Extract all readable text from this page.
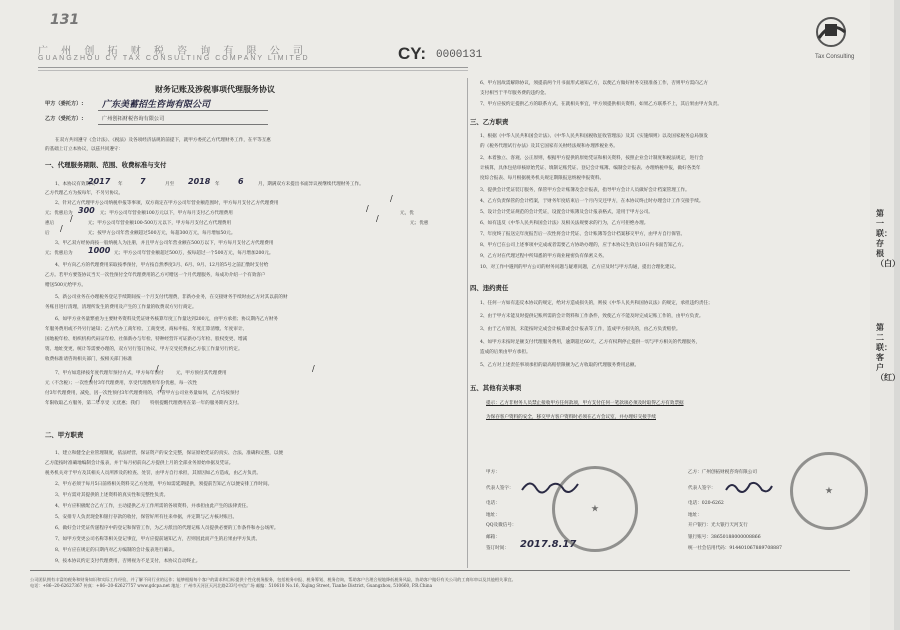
131
广 州 创 拓 财 税 咨 询 有 限 公 司
GUANGZHOU CY TAX CONSULTING COMPANY LIMITED	CY: 0000131	Tax Consulting
财务记账及涉税事项代理服务协议
甲方（委托方）: 广东美蓄招生咨询有限公司
乙方（受托方）:	广州创拓财税咨询有限公司
在双方共同遵守《会计法》、《税法》及各项经济法规的前提下，就甲方委托乙方代理财务工作，在平等互惠
的基础上订立本协议，以兹共同遵守：
一、代理服务期限、范围、收费标准与支付
1、本协议有效期从
2017 年 7	月至 2018 年 6	月，期满双方未提出书面异议视继续代理财务工作。
乙方代理乙方为按每年，不另另协议。
2、针对乙方代理甲方公司纳税申报等事项，双方商定在甲方公司年营业额范围时，甲方每月支付乙方代理费用
/
元；优惠后为 300 元；甲方公司年营业额100万元以下，甲方每月支付乙方代理费用
/
元，优
惠后
/
元；甲方公司年营业额100-500万元以下，甲方每月支付乙方代理费用
/
元；优惠
后
/
元；按甲方公司年营业额超过500万元，每超300万元，每月增加50元。
3、甲乙双方经协商按一般纳税人为注册，并且甲方公司年营业额在500万以下，甲方每月支付乙方代理费用
元；优惠后为 1000 元；甲方公司年营业额超过500万，按每超过一个500万元，每月增加200元。
4、甲方向乙方的代理费用采取按季预付，甲方按自然季度3月、6月、9月、12月的5号之前汇缴时支付给
乙方。若甲方要签协议当天一次性预付全年代理费用的乙方可赠送一个月代理服务，每成功介绍一个有效客户
赠送500元给甲方。
5、新公司业务在办理税务登记手续期间按一个月支付代理费，非新办业务，在交接财务手续时由乙方对其以前的财
务账目进行清理，清理所发生的费用及产生的工作量的收费双方另行商定。
6、如甲方业务量繁重为主要财务资料及凭证财务核算年度工作量达到200元，由甲方承担；协议期内乙方财务
年服务费用或不外另行通知；乙方代办工商年检、工商变更、商标申报、年度汇算清缴、年度审计、
国地税年检、组织机构代码证年检、社保新办与年检、特种经营许可证新办与年检、股权变更、增减
资、地址变更、统计等需要办理的，双方另行签订协议，甲方交受托费由乙方依工作量另行约定。
收费标准请咨询相关部门，按相关部门标准
7、甲方如选择按年度代理年预付方式，甲方每年预付
/
元，甲方预付其代理费用
/
元（不含税）；一次性预付3年代理费用，享受代理费用年份优惠，每一次性
/
付3年代理费用，减免，因一次性预付3年代理费用的，不管甲方公司业务量如何，乙方均按预付
/
年限收取乙方服务，第二年享受
/
元优惠；我们 特别提醒代理费用在第一年的服务期内支付。
二、甲方职责
1、建立和健全企业管理制度，依法经营，保证资产的安全完整，保证原始凭证的真实、合法、准确和完整，以便
乙方能按时准确地编制会计报表，并于每月初前向乙方提供上月的全部业务原始单据及凭证。
税务机关对于甲方及其相关人员所涉及的检查、处罚，由甲方自行承担，其原因如乙方造成，由乙方负责。
2、甲方必须于每月5日前将相关资料交乙方处理，甲方如需延期提供，须提前告知乙方以便安排工作时间。
3、甲方需对其提供的上述资料的真实性和完整性负责。
4、甲方应积极配合乙方工作，主动提供乙方工作所需的各项资料，并承担由此产生的法律责任。
5、安排专人负责现金和银行存款的收付，保管好所有往来单据，并定期与乙方核对账目。
6、做好会计凭证传递程序中的登记和保管工作，为乙方派出的代理记账人员提供必要的工作条件和办公场所。
7、如甲方变更公司名称等相关登记事宜，甲方应提前通知乙方，否则因此而产生的后果由甲方负责。
8、甲方应在规定的日期内对乙方编制的会计报表进行确认。
9、按本协议约定支付代理费用，否则视为不足支付，本协议自动终止。
6、甲方因故需解除协议，须提前两个月书面形式通知乙方，以便乙方做好财务交接准备工作，否则甲方需向乙方
支付相当于半年服务费的违约金。
7、甲方应按约定提供乙方的联系方式，在就相关事宜，甲方须提供相关资料，如果乙方联系不上，其后果由甲方负责。
三、乙方职责
1、根据《中华人民共和国会计法》、《中华人民共和国税收征收管理法》及其《实施细则》以及国家税务总局颁发
的《税务代理试行办法》及其它国家有关财经法规和办理涉税业务。
2、本着独立、客观、公正原则，根据甲方提供的原始凭证和相关资料，按照企业会计制度和税法规定，进行会
计核算，具体包括审核原始凭证、填制记账凭证、登记会计账簿、编制会计报表、办理纳税申报，做好各类年
度综合报表、每月根据税务机关规定期限报送纳税申报资料。
3、提供会计凭证装订服务，保管甲方会计账簿及会计报表，指导甲方会计人员做好会计档案管理工作。
4、乙方负责保管的会计档案，于财务年度结束后一个月内交还甲方，在本协议终止时办理会计工作交接手续。
5、设计会计凭证规范的会计凭证，设置会计账簿及会计报表格式，适用于甲方公司。
6、如有违反《中华人民共和国会计法》及相关法规要求的行为，乙方可拒绝办理。
7、年度终了报送完年度报告后一次性将会计凭证、会计账簿等会计档案移交甲方，由甲方自行保管。
8、甲方已在公司上述事项中完成或者需要乙方协助办理的，应于本协议生效后10日内书面告知乙方。
9、乙方对在代理过程中所知悉的甲方商业秘密负有保密义务。
10、对工作中遇到的甲方公司的财务问题与疑难问题，乙方应及时与甲方沟通，提出合理化建议。
四、违约责任
1、任何一方如有违反本协议的规定，给对方造成损失的，则按《中华人民共和国协议法》的规定，承担违约责任；
2、由于甲方未能及时提供记账所需的会计资料和工作条件，致使乙方不能及时完成记账工作的，由甲方负责。
3、由于乙方原因，未能按时完成会计核算或会计报表等工作，造成甲方损失的，由乙方负责赔偿。
4、如甲方未按时足额支付代理服务费用，逾期超过60天，乙方有权利停止提供一切与甲方相关的代理服务，
造成的后果由甲方承担。
5、乙方对上述责任事项承担的最高赔偿限额为乙方收取的代理服务费用总额。
五、其他有关事项
提示：乙方非财务人员禁止接收甲方任何款项，甲方支付任何一笔款项必须及时取得乙方有效票据
为保存客户资料的安全，移交甲方客户资料时必须在乙方会议室，并办理好交接手续
甲方：
代表人签字：
电话：
地址：
QQ及微信号：
邮箱：
签订时间： 2017.8.17
★
乙方：广州创拓财税咨询有限公司
代表人签字：
电话：020-6262
地址：
开户银行：光大银行天河支行
银行账号：38650188000008866
统一社会信用代码：914401067889708887
★
公司团队拥有丰富的税务和财务知识和实际工作经验，并了解不同行业的运作；能够根据每个客户的需求和目标提供个性化税务服务，包括税务申报、税务筹划、税务咨询，帮助客户合理合规地降低税务风险，协助客户做好有关公司的工商年审以及其他相关事宜。
电话：+86--20-62627367 传真：+86--20-62627757 www.gdcpa.net 地址：广州市天河区天河北路233号中信广场 邮编：510610 No.16, Xujing Street, Tianhe District, Guangzhou, 510660, P.R.China
第一联：存根（白）
第二联：客户（红）
